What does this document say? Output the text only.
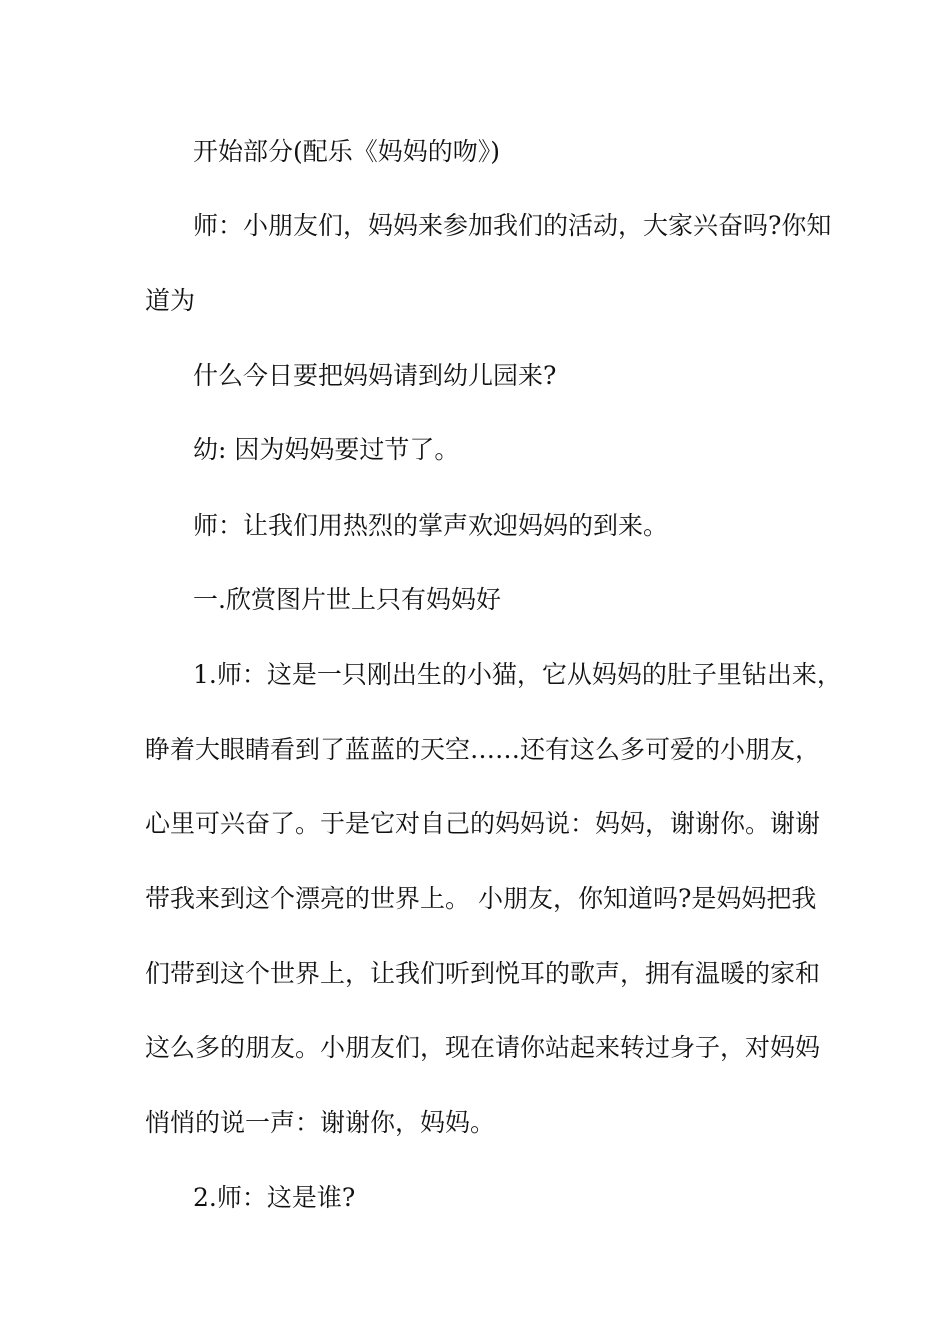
开始部分(配乐《妈妈的吻》)
师：小朋友们，妈妈来参加我们的活动，大家兴奋吗?你知
道为
什么今日要把妈妈请到幼儿园来?
幼: 因为妈妈要过节了。
师：让我们用热烈的掌声欢迎妈妈的到来。
一.欣赏图片世上只有妈妈好
1.师：这是一只刚出生的小猫，它从妈妈的肚子里钻出来，
睁着大眼睛看到了蓝蓝的天空……还有这么多可爱的小朋友，
心里可兴奋了。于是它对自己的妈妈说：妈妈，谢谢你。谢谢
带我来到这个漂亮的世界上。 小朋友，你知道吗?是妈妈把我
们带到这个世界上，让我们听到悦耳的歌声，拥有温暖的家和
这么多的朋友。小朋友们，现在请你站起来转过身子，对妈妈
悄悄的说一声：谢谢你，妈妈。
2.师：这是谁?
